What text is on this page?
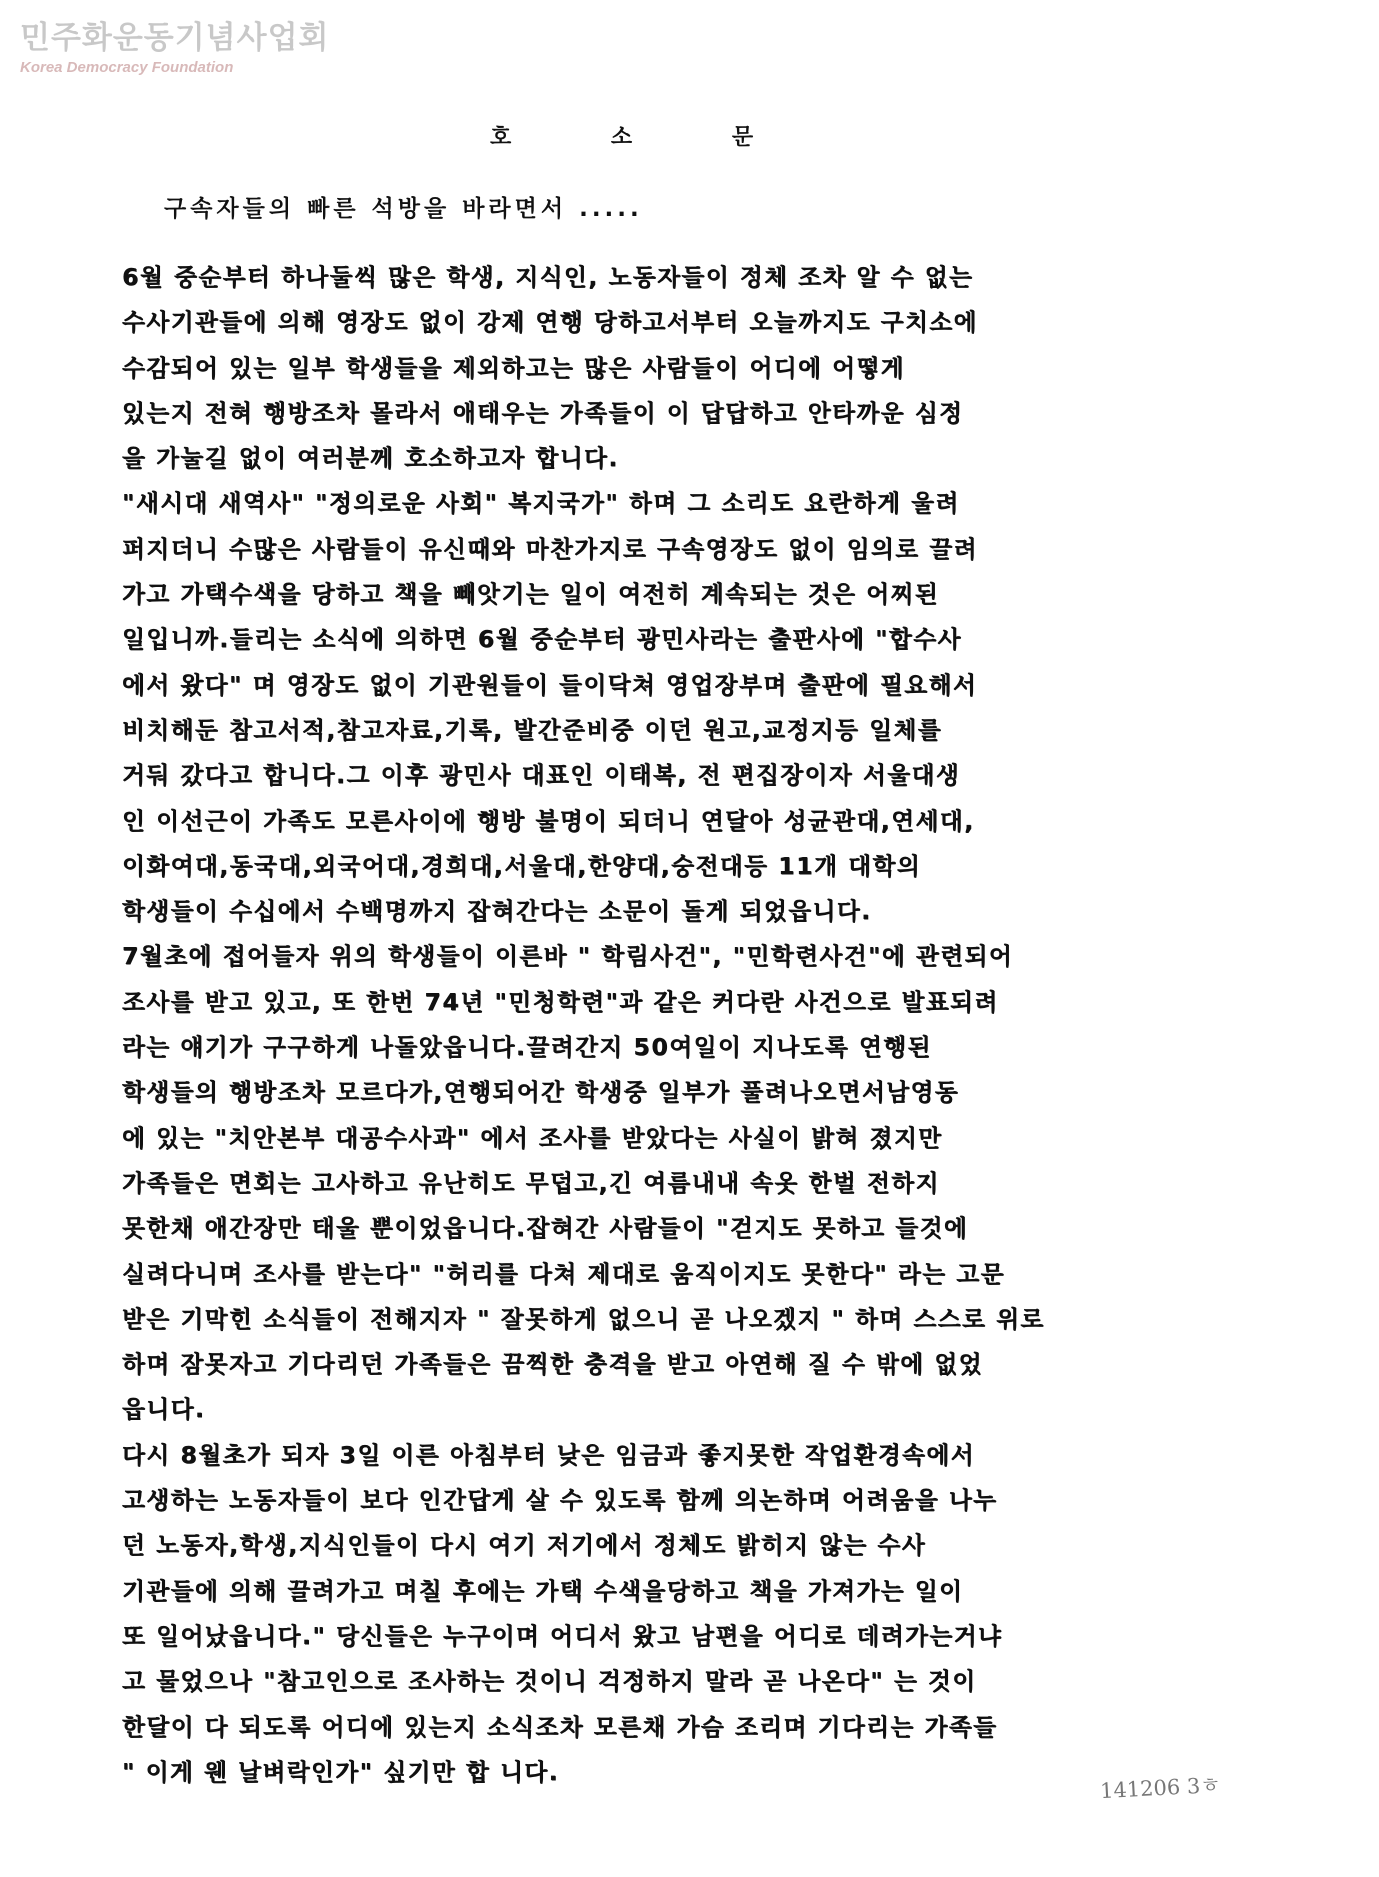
민주화운동기념사업회
Korea Democracy Foundation
호 소 문
구속자들의 빠른 석방을 바라면서 .....
6월 중순부터 하나둘씩 많은 학생, 지식인, 노동자들이 정체 조차 알 수 없는
수사기관들에 의해 영장도 없이 강제 연행 당하고서부터 오늘까지도 구치소에
수감되어 있는 일부 학생들을 제외하고는 많은 사람들이 어디에 어떻게
있는지 전혀 행방조차 몰라서 애태우는 가족들이 이 답답하고 안타까운 심정
을 가눌길 없이 여러분께 호소하고자 합니다.
"새시대 새역사" "정의로운 사회" 복지국가" 하며 그 소리도 요란하게 울려
퍼지더니 수많은 사람들이 유신때와 마찬가지로 구속영장도 없이 임의로 끌려
가고 가택수색을 당하고 책을 빼앗기는 일이 여전히 계속되는 것은 어찌된
일입니까.들리는 소식에 의하면 6월 중순부터 광민사라는 출판사에 "합수사
에서 왔다" 며 영장도 없이 기관원들이 들이닥쳐 영업장부며 출판에 필요해서
비치해둔 참고서적,참고자료,기록, 발간준비중 이던 원고,교정지등 일체를
거둬 갔다고 합니다.그 이후 광민사 대표인 이태복, 전 편집장이자 서울대생
인 이선근이 가족도 모른사이에 행방 불명이 되더니 연달아 성균관대,연세대,
이화여대,동국대,외국어대,경희대,서울대,한양대,숭전대등 11개 대학의
학생들이 수십에서 수백명까지 잡혀간다는 소문이 돌게 되었읍니다.
7월초에 접어들자 위의 학생들이 이른바 " 학림사건", "민학련사건"에 관련되어
조사를 받고 있고, 또 한번 74년 "민청학련"과 같은 커다란 사건으로 발표되려
라는 얘기가 구구하게 나돌았읍니다.끌려간지 50여일이 지나도록 연행된
학생들의 행방조차 모르다가,연행되어간 학생중 일부가 풀려나오면서남영동
에 있는 "치안본부 대공수사과" 에서 조사를 받았다는 사실이 밝혀 졌지만
가족들은 면회는 고사하고 유난히도 무덥고,긴 여름내내 속옷 한벌 전하지
못한채 애간장만 태울 뿐이었읍니다.잡혀간 사람들이 "걷지도 못하고 들것에
실려다니며 조사를 받는다" "허리를 다쳐 제대로 움직이지도 못한다" 라는 고문
받은 기막힌 소식들이 전해지자 " 잘못하게 없으니 곧 나오겠지 " 하며 스스로 위로
하며 잠못자고 기다리던 가족들은 끔찍한 충격을 받고 아연해 질 수 밖에 없었
읍니다.
다시 8월초가 되자 3일 이른 아침부터 낮은 임금과 좋지못한 작업환경속에서
고생하는 노동자들이 보다 인간답게 살 수 있도록 함께 의논하며 어려움을 나누
던 노동자,학생,지식인들이 다시 여기 저기에서 정체도 밝히지 않는 수사
기관들에 의해 끌려가고 며칠 후에는 가택 수색을당하고 책을 가져가는 일이
또 일어났읍니다." 당신들은 누구이며 어디서 왔고 남편을 어디로 데려가는거냐
고 물었으나 "참고인으로 조사하는 것이니 걱정하지 말라 곧 나온다" 는 것이
한달이 다 되도록 어디에 있는지 소식조차 모른채 가슴 조리며 기다리는 가족들
" 이게 웬 날벼락인가" 싶기만 합 니다.
141206 3ㅎ
